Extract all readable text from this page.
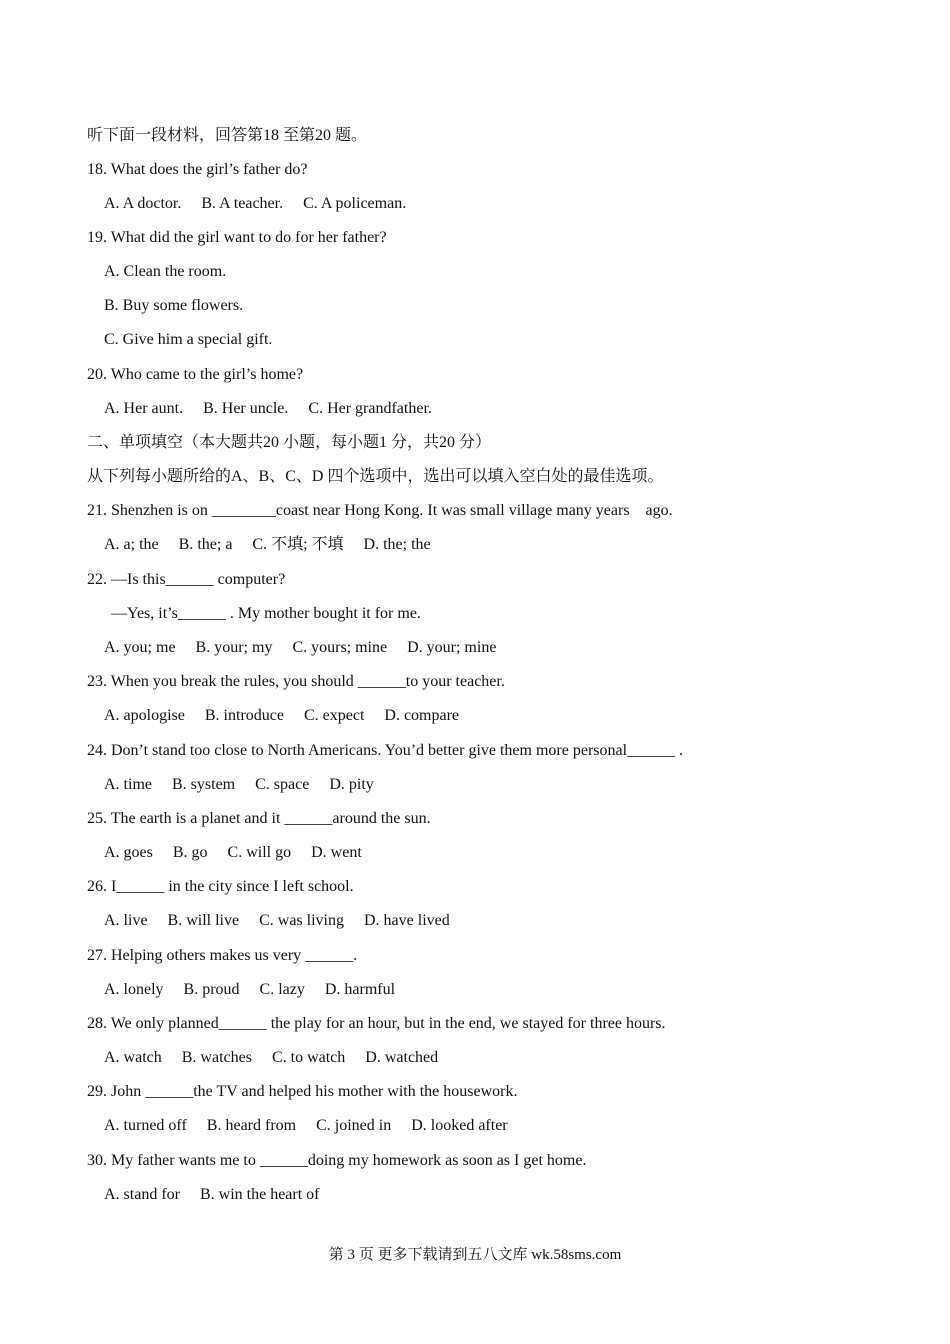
听下面一段材料，回答第18 至第20 题。
18. What does the girl’s father do?
A. A doctor.     B. A teacher.     C. A policeman.
19. What did the girl want to do for her father?
A. Clean the room.
B. Buy some flowers.
C. Give him a special gift.
20. Who came to the girl’s home?
A. Her aunt.     B. Her uncle.     C. Her grandfather.
二、单项填空（本大题共20 小题，每小题1 分，共20 分）
从下列每小题所给的A、B、C、D 四个选项中，选出可以填入空白处的最佳选项。
21. Shenzhen is on ________coast near Hong Kong. It was small village many years    ago.
A. a; the     B. the; a     C. 不填; 不填     D. the; the
22. —Is this______ computer?
—Yes, it’s______ . My mother bought it for me.
A. you; me     B. your; my     C. yours; mine     D. your; mine
23. When you break the rules, you should ______to your teacher.
A. apologise     B. introduce     C. expect     D. compare
24. Don’t stand too close to North Americans. You’d better give them more personal______ .
A. time     B. system     C. space     D. pity
25. The earth is a planet and it ______around the sun.
A. goes     B. go     C. will go     D. went
26. I______ in the city since I left school.
A. live     B. will live     C. was living     D. have lived
27. Helping others makes us very ______.
A. lonely     B. proud     C. lazy     D. harmful
28. We only planned______ the play for an hour, but in the end, we stayed for three hours.
A. watch     B. watches     C. to watch     D. watched
29. John ______the TV and helped his mother with the housework.
A. turned off     B. heard from     C. joined in     D. looked after
30. My father wants me to ______doing my homework as soon as I get home.
A. stand for     B. win the heart of
第 3 页 更多下载请到五八文库 wk.58sms.com
